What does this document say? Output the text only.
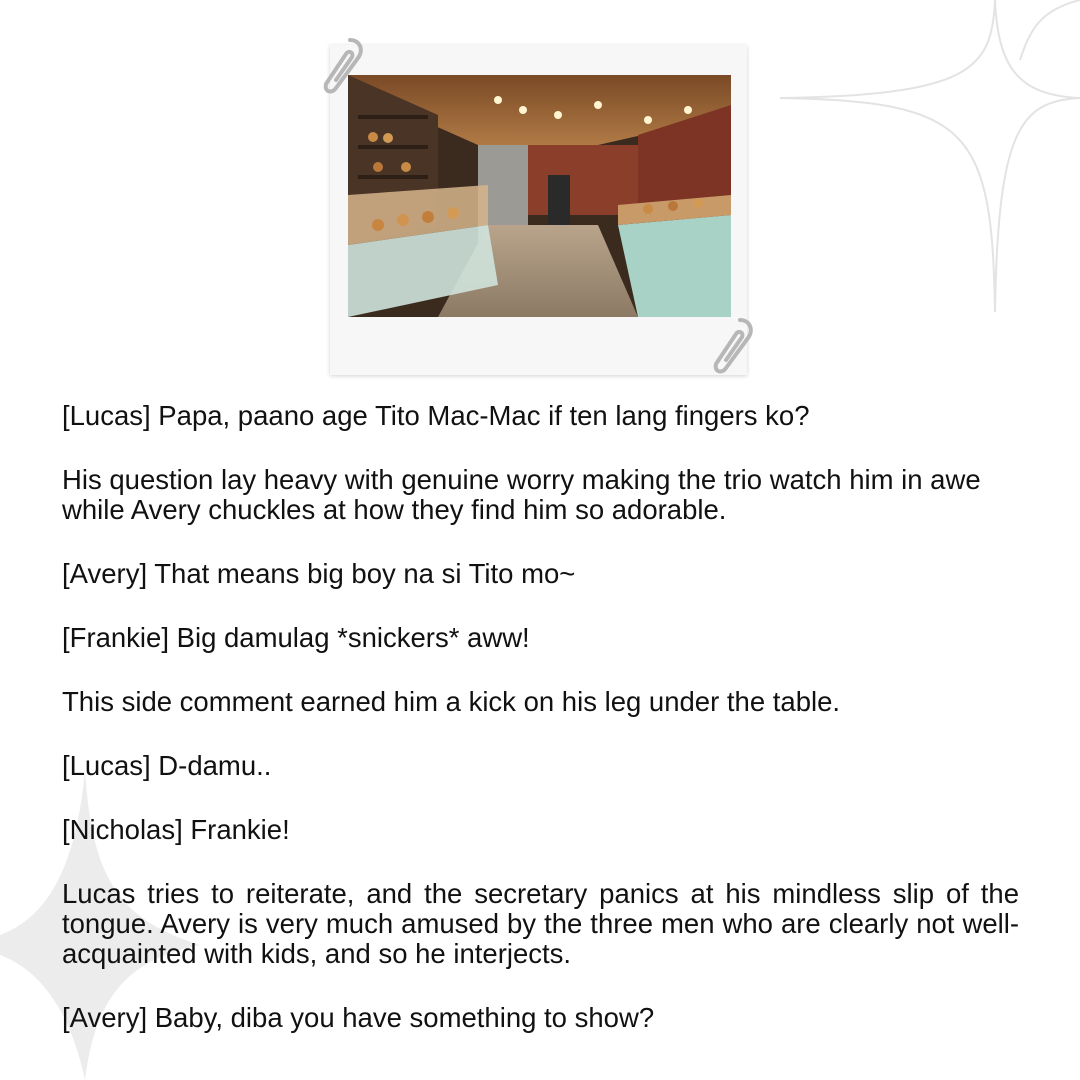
[Lucas] Papa, paano age Tito Mac-Mac if ten lang fingers ko?

His question lay heavy with genuine worry making the trio watch him in awe while Avery chuckles at how they find him so adorable.

[Avery] That means big boy na si Tito mo~

[Frankie] Big damulag *snickers* aww!

This side comment earned him a kick on his leg under the table.

[Lucas] D-damu..

[Nicholas] Frankie!

Lucas tries to reiterate, and the secretary panics at his mindless slip of the tongue. Avery is very much amused by the three men who are clearly not well-acquainted with kids, and so he interjects.

[Avery] Baby, diba you have something to show?
